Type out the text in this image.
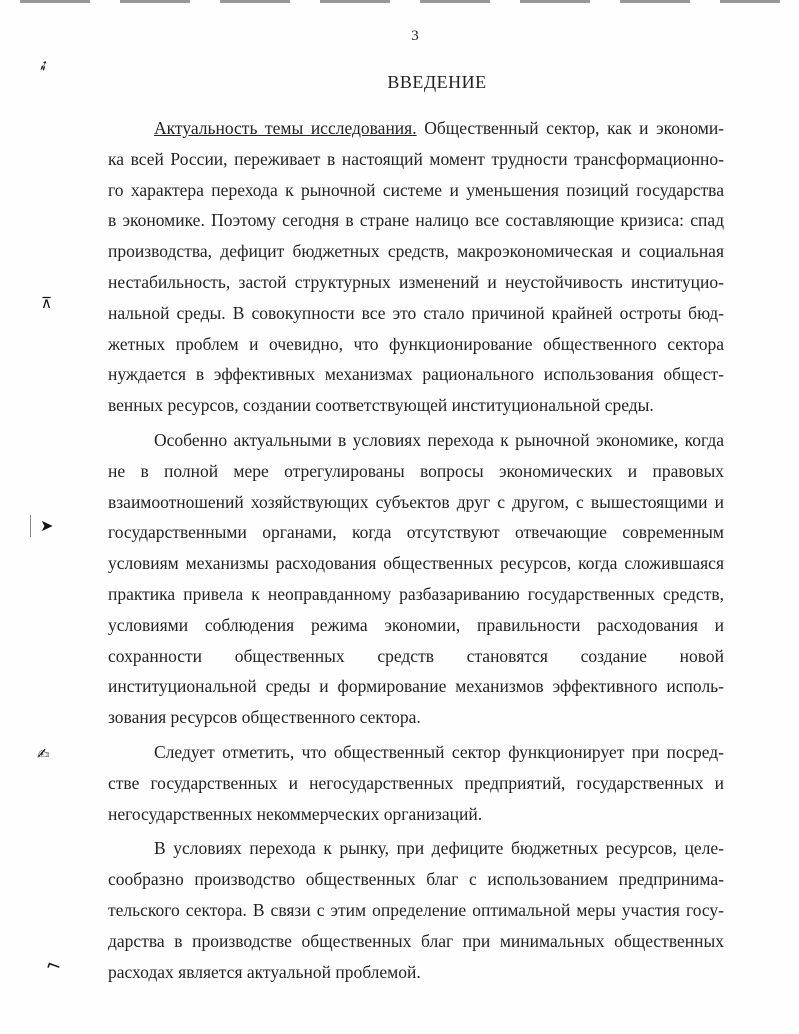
3
ВВЕДЕНИЕ
➶
⊼
➤
✍
⌐
Актуальность темы исследования. Общественный сектор, как и экономи-
ка всей России, переживает в настоящий момент трудности трансформационно-
го характера перехода к рыночной системе и уменьшения позиций государства
в экономике. Поэтому сегодня в стране налицо все составляющие кризиса: спад
производства, дефицит бюджетных средств, макроэкономическая и социальная
нестабильность, застой структурных изменений и неустойчивость институцио-
нальной среды. В совокупности все это стало причиной крайней остроты бюд-
жетных проблем и очевидно, что функционирование общественного сектора
нуждается в эффективных механизмах рационального использования общест-
венных ресурсов, создании соответствующей институциональной среды.
Особенно актуальными в условиях перехода к рыночной экономике, когда
не в полной мере отрегулированы вопросы экономических и правовых
взаимоотношений хозяйствующих субъектов друг с другом, с вышестоящими и
государственными органами, когда отсутствуют отвечающие современным
условиям механизмы расходования общественных ресурсов, когда сложившаяся
практика привела к неоправданному разбазариванию государственных средств,
условиями соблюдения режима экономии, правильности расходования и
сохранности общественных средств становятся создание новой
институциональной среды и формирование механизмов эффективного исполь-
зования ресурсов общественного сектора.
Следует отметить, что общественный сектор функционирует при посред-
стве государственных и негосударственных предприятий, государственных и
негосударственных некоммерческих организаций.
В условиях перехода к рынку, при дефиците бюджетных ресурсов, целе-
сообразно производство общественных благ с использованием предпринима-
тельского сектора. В связи с этим определение оптимальной меры участия госу-
дарства в производстве общественных благ при минимальных общественных
расходах является актуальной проблемой.
